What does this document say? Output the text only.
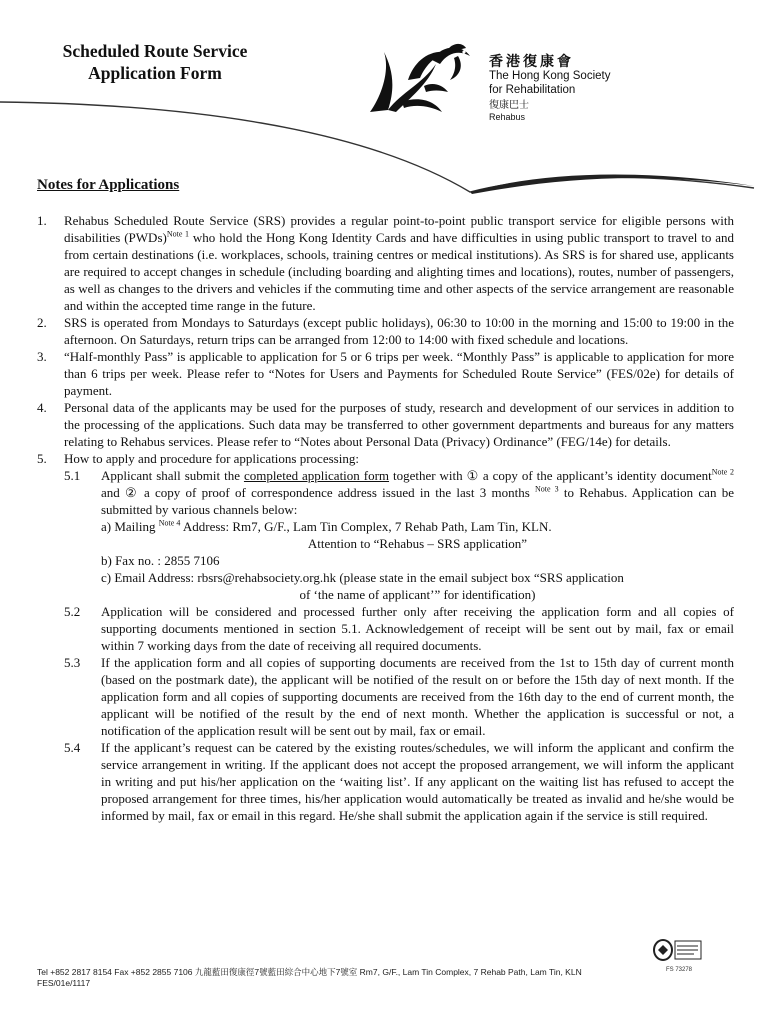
Scheduled Route Service
Application Form
香港復康會
The Hong Kong Society
for Rehabilitation
復康巴士
Rehabus
Notes for Applications
1. Rehabus Scheduled Route Service (SRS) provides a regular point-to-point public transport service for eligible persons with disabilities (PWDs)$^{Note 1}$ who hold the Hong Kong Identity Cards and have difficulties in using public transport to travel to and from certain destinations (i.e. workplaces, schools, training centres or medical institutions). As SRS is for shared use, applicants are required to accept changes in schedule (including boarding and alighting times and locations), routes, number of passengers, as well as changes to the drivers and vehicles if the commuting time and other aspects of the service arrangement are reasonable and within the accepted time range in the future.
2. SRS is operated from Mondays to Saturdays (except public holidays), 06:30 to 10:00 in the morning and 15:00 to 19:00 in the afternoon. On Saturdays, return trips can be arranged from 12:00 to 14:00 with fixed schedule and locations.
3. “Half-monthly Pass” is applicable to application for 5 or 6 trips per week. “Monthly Pass” is applicable to application for more than 6 trips per week. Please refer to “Notes for Users and Payments for Scheduled Route Service” (FES/02e) for details of payment.
4. Personal data of the applicants may be used for the purposes of study, research and development of our services in addition to the processing of the applications. Such data may be transferred to other government departments and bureaus for any matters relating to Rehabus services. Please refer to “Notes about Personal Data (Privacy) Ordinance” (FEG/14e) for details.
5. How to apply and procedure for applications processing:
5.1 Applicant shall submit the completed application form together with ① a copy of the applicant’s identity document$^{Note 2}$ and ② a copy of proof of correspondence address issued in the last 3 months $^{Note 3}$ to Rehabus. Application can be submitted by various channels below:
a) Mailing $^{Note 4}$ Address: Rm7, G/F., Lam Tin Complex, 7 Rehab Path, Lam Tin, KLN.
Attention to “Rehabus – SRS application”
b) Fax no. : 2855 7106
c) Email Address: rbsrs@rehabsociety.org.hk (please state in the email subject box “SRS application
of ‘the name of applicant’” for identification)
5.2 Application will be considered and processed further only after receiving the application form and all copies of supporting documents mentioned in section 5.1. Acknowledgement of receipt will be sent out by mail, fax or email within 7 working days from the date of receiving all required documents.
5.3 If the application form and all copies of supporting documents are received from the 1st to 15th day of current month (based on the postmark date), the applicant will be notified of the result on or before the 15th day of next month. If the application form and all copies of supporting documents are received from the 16th day to the end of current month, the applicant will be notified of the result by the end of next month. Whether the application is successful or not, a notification of the application result will be sent out by mail, fax or email.
5.4 If the applicant’s request can be catered by the existing routes/schedules, we will inform the applicant and confirm the service arrangement in writing. If the applicant does not accept the proposed arrangement, we will inform the applicant in writing and put his/her application on the ‘waiting list’. If any applicant on the waiting list has refused to accept the proposed arrangement for three times, his/her application would automatically be treated as invalid and he/she would be informed by mail, fax or email in this regard. He/she shall submit the application again if the service is still required.
FS 73278
Tel +852 2817 8154 Fax +852 2855 7106 九龍藍田復康徑7號藍田綜合中心地下7號室 Rm7, G/F., Lam Tin Complex, 7 Rehab Path, Lam Tin, KLN
FES/01e/1117
